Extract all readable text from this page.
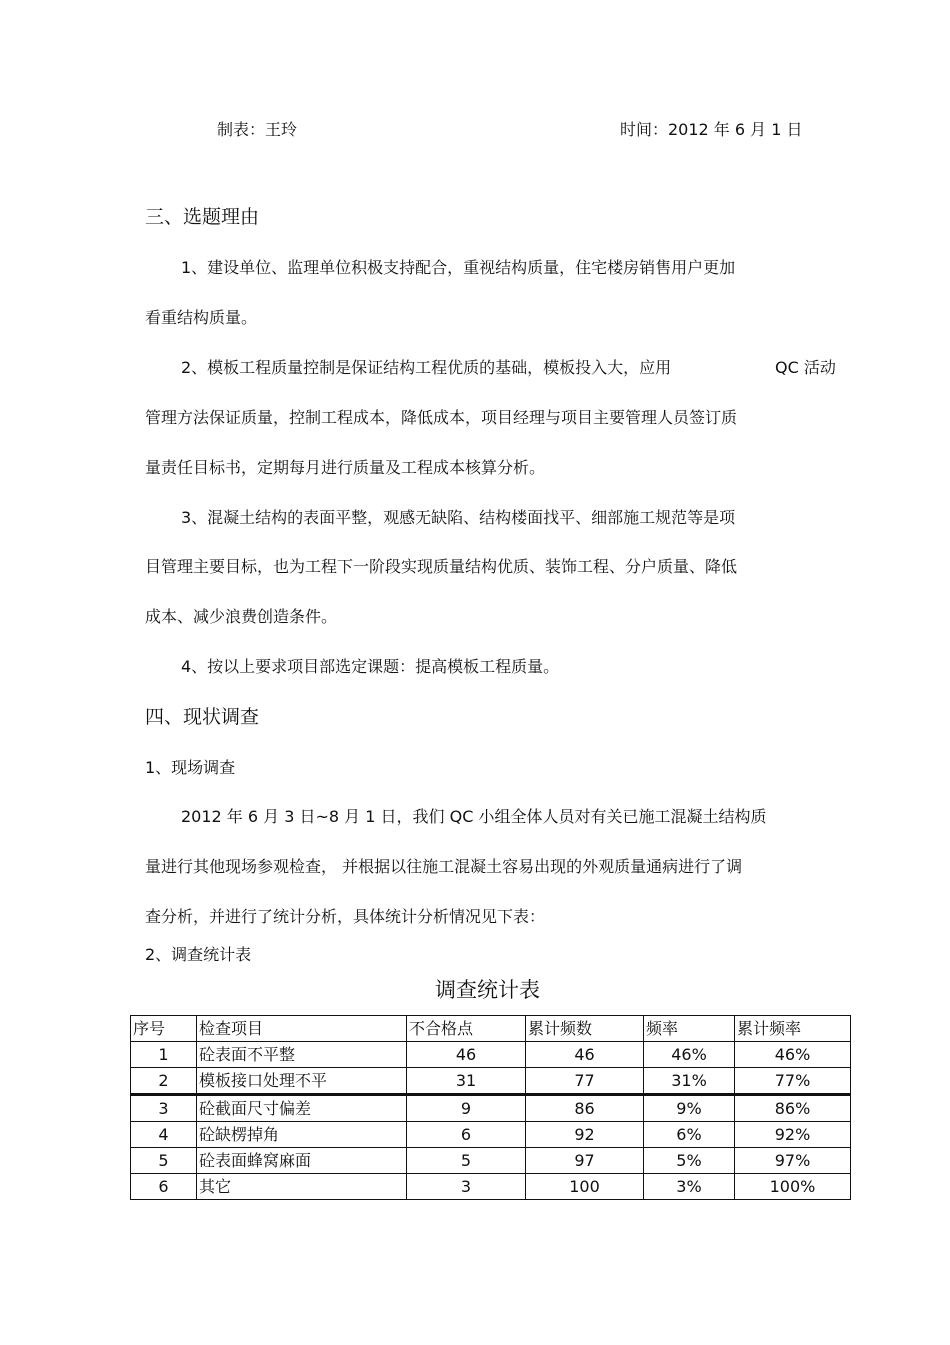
制表：王玲	时间：2012 年 6 月 1 日
三、选题理由
1、建设单位、监理单位积极支持配合，重视结构质量，住宅楼房销售用户更加
看重结构质量。
2、模板工程质量控制是保证结构工程优质的基础，模板投入大，应用	QC 活动
管理方法保证质量，控制工程成本，降低成本，项目经理与项目主要管理人员签订质
量责任目标书，定期每月进行质量及工程成本核算分析。
3、混凝土结构的表面平整，观感无缺陷、结构楼面找平、细部施工规范等是项
目管理主要目标，也为工程下一阶段实现质量结构优质、装饰工程、分户质量、降低
成本、减少浪费创造条件。
4、按以上要求项目部选定课题：提高模板工程质量。
四、现状调查
1、现场调查
2012 年 6 月 3 日~8 月 1 日，我们 QC 小组全体人员对有关已施工混凝土结构质
量进行其他现场参观检查， 并根据以往施工混凝土容易出现的外观质量通病进行了调
查分析，并进行了统计分析，具体统计分析情况见下表：
2、调查统计表
调查统计表
序号	检查项目	不合格点	累计频数	频率	累计频率
1	砼表面不平整	46	46	46%	46%
2	模板接口处理不平	31	77	31%	77%
3	砼截面尺寸偏差	9	86	9%	86%
4	砼缺楞掉角	6	92	6%	92%
5	砼表面蜂窝麻面	5	97	5%	97%
6	其它	3	100	3%	100%
